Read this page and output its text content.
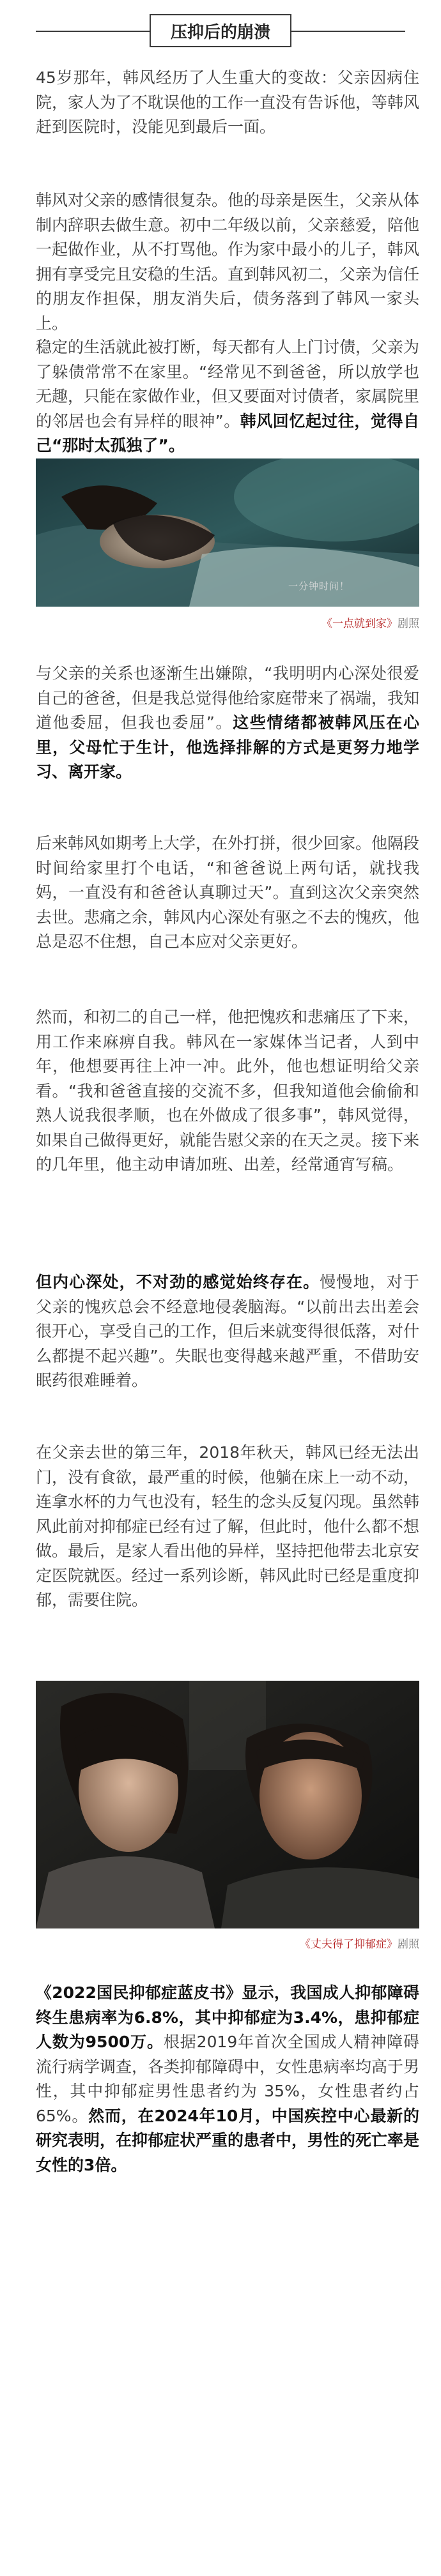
压抑后的崩溃

45岁那年，韩风经历了人生重大的变故：父亲因病住院，家人为了不耽误他的工作一直没有告诉他，等韩风赶到医院时，没能见到最后一面。

韩风对父亲的感情很复杂。他的母亲是医生，父亲从体制内辞职去做生意。初中二年级以前，父亲慈爱，陪他一起做作业，从不打骂他。作为家中最小的儿子，韩风拥有享受完且安稳的生活。直到韩风初二，父亲为信任的朋友作担保，朋友消失后，债务落到了韩风一家头上。

稳定的生活就此被打断，每天都有人上门讨债，父亲为了躲债常常不在家里。“经常见不到爸爸，所以放学也无趣，只能在家做作业，但又要面对讨债者，家属院里的邻居也会有异样的眼神”。韩风回忆起过往，觉得自己“那时太孤独了”。

一分钟时间！
《一点就到家》剧照

与父亲的关系也逐渐生出嫌隙，“我明明内心深处很爱自己的爸爸，但是我总觉得他给家庭带来了祸端，我知道他委屈，但我也委屈”。这些情绪都被韩风压在心里，父母忙于生计，他选择排解的方式是更努力地学习、离开家。

后来韩风如期考上大学，在外打拼，很少回家。他隔段时间给家里打个电话，“和爸爸说上两句话，就找我妈，一直没有和爸爸认真聊过天”。直到这次父亲突然去世。悲痛之余，韩风内心深处有驱之不去的愧疚，他总是忍不住想，自己本应对父亲更好。

然而，和初二的自己一样，他把愧疚和悲痛压了下来，用工作来麻痹自我。韩风在一家媒体当记者，人到中年，他想要再往上冲一冲。此外，他也想证明给父亲看。“我和爸爸直接的交流不多，但我知道他会偷偷和熟人说我很孝顺，也在外做成了很多事”，韩风觉得，如果自己做得更好，就能告慰父亲的在天之灵。接下来的几年里，他主动申请加班、出差，经常通宵写稿。

但内心深处，不对劲的感觉始终存在。慢慢地，对于父亲的愧疚总会不经意地侵袭脑海。“以前出去出差会很开心，享受自己的工作，但后来就变得很低落，对什么都提不起兴趣”。失眠也变得越来越严重，不借助安眠药很难睡着。

在父亲去世的第三年，2018年秋天，韩风已经无法出门，没有食欲，最严重的时候，他躺在床上一动不动，连拿水杯的力气也没有，轻生的念头反复闪现。虽然韩风此前对抑郁症已经有过了解，但此时，他什么都不想做。最后，是家人看出他的异样，坚持把他带去北京安定医院就医。经过一系列诊断，韩风此时已经是重度抑郁，需要住院。

《丈夫得了抑郁症》剧照

《2022国民抑郁症蓝皮书》显示，我国成人抑郁障碍终生患病率为6.8%，其中抑郁症为3.4%，患抑郁症人数为9500万。根据2019年首次全国成人精神障碍流行病学调查，各类抑郁障碍中，女性患病率均高于男性，其中抑郁症男性患者约为 35%，女性患者约占 65%。然而，在2024年10月，中国疾控中心最新的研究表明，在抑郁症状严重的患者中，男性的死亡率是女性的3倍。
